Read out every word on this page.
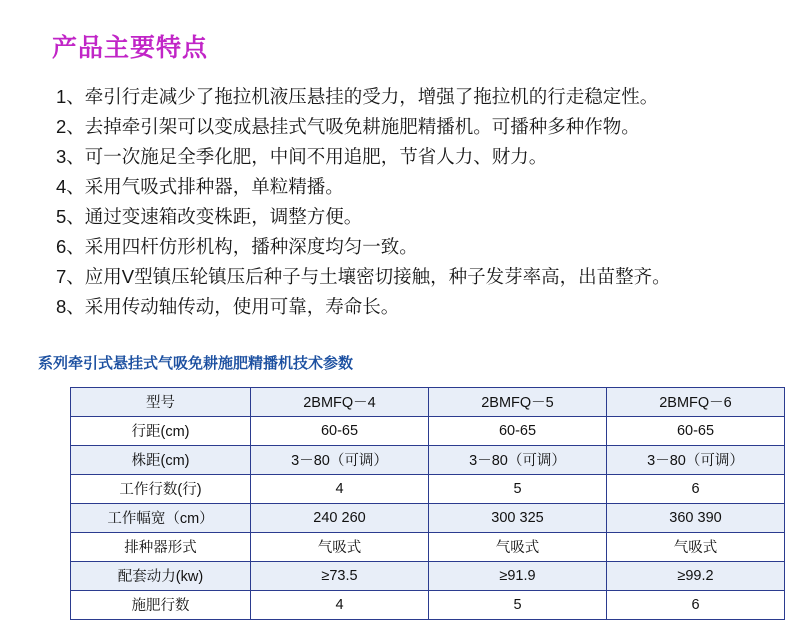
产品主要特点
1、牵引行走减少了拖拉机液压悬挂的受力，增强了拖拉机的行走稳定性。
2、去掉牵引架可以变成悬挂式气吸免耕施肥精播机。可播种多种作物。
3、可一次施足全季化肥，中间不用追肥，节省人力、财力。
4、采用气吸式排种器，单粒精播。
5、通过变速箱改变株距，调整方便。
6、采用四杆仿形机构，播种深度均匀一致。
7、应用V型镇压轮镇压后种子与土壤密切接触，种子发芽率高，出苗整齐。
8、采用传动轴传动，使用可靠，寿命长。
系列牵引式悬挂式气吸免耕施肥精播机技术参数
型号	2BMFQ－4	2BMFQ－5	2BMFQ－6
行距(cm)	60-65	60-65	60-65
株距(cm)	3－80（可调）	3－80（可调）	3－80（可调）
工作行数(行)	4	5	6
工作幅宽（cm）	240 260	300 325	360 390
排种器形式	气吸式	气吸式	气吸式
配套动力(kw)	≥73.5	≥91.9	≥99.2
施肥行数	4	5	6
